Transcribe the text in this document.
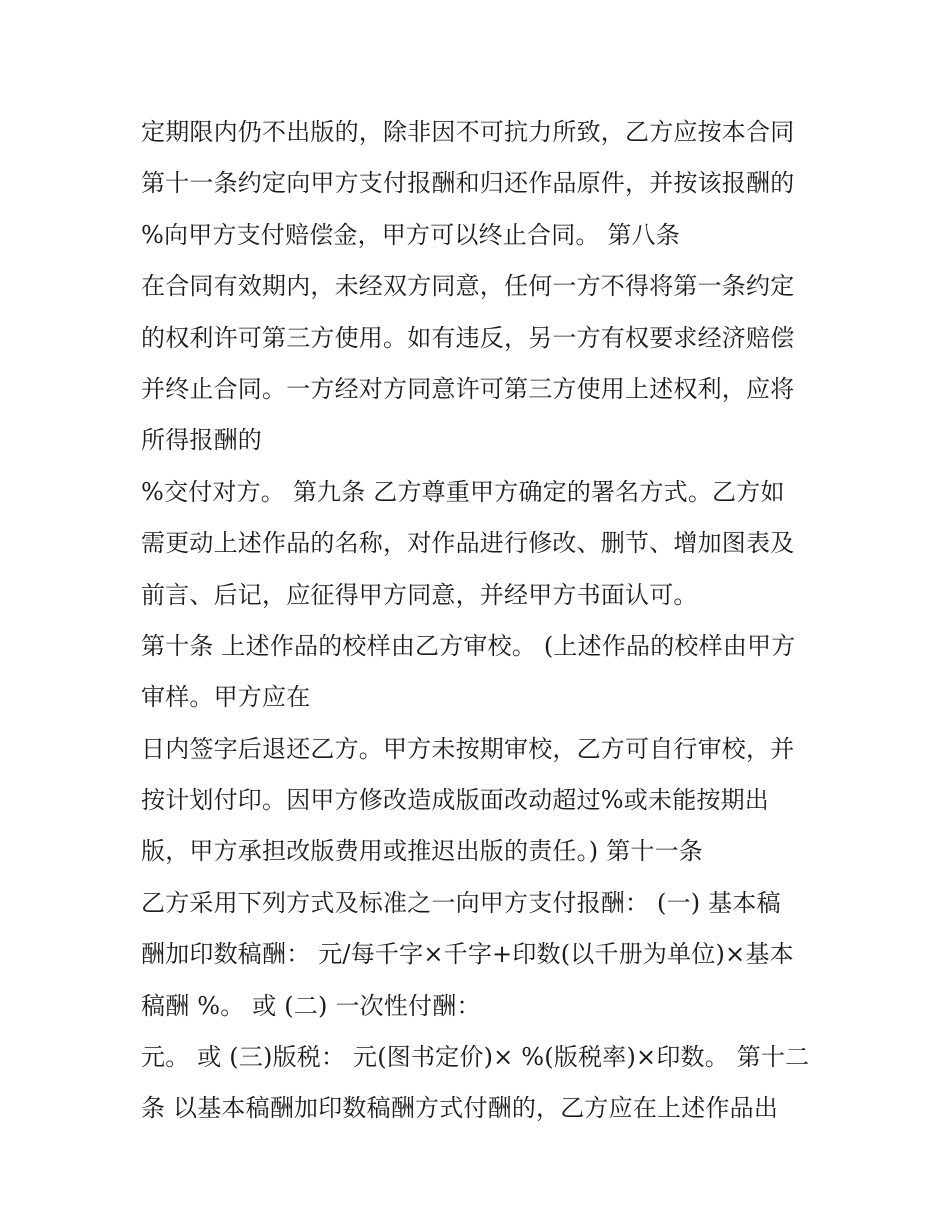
定期限内仍不出版的，除非因不可抗力所致，乙方应按本合同
第十一条约定向甲方支付报酬和归还作品原件，并按该报酬的
%向甲方支付赔偿金，甲方可以终止合同。 第八条
在合同有效期内，未经双方同意，任何一方不得将第一条约定
的权利许可第三方使用。如有违反，另一方有权要求经济赔偿
并终止合同。一方经对方同意许可第三方使用上述权利，应将
所得报酬的
%交付对方。 第九条 乙方尊重甲方确定的署名方式。乙方如
需更动上述作品的名称，对作品进行修改、删节、增加图表及
前言、后记，应征得甲方同意，并经甲方书面认可。
第十条 上述作品的校样由乙方审校。 (上述作品的校样由甲方
审样。甲方应在
日内签字后退还乙方。甲方未按期审校，乙方可自行审校，并
按计划付印。因甲方修改造成版面改动超过%或未能按期出
版，甲方承担改版费用或推迟出版的责任。) 第十一条
乙方采用下列方式及标准之一向甲方支付报酬： (一) 基本稿
酬加印数稿酬： 元/每千字×千字+印数(以千册为单位)×基本
稿酬 %。 或 (二) 一次性付酬：
元。 或 (三)版税： 元(图书定价)× %(版税率)×印数。 第十二
条 以基本稿酬加印数稿酬方式付酬的，乙方应在上述作品出
